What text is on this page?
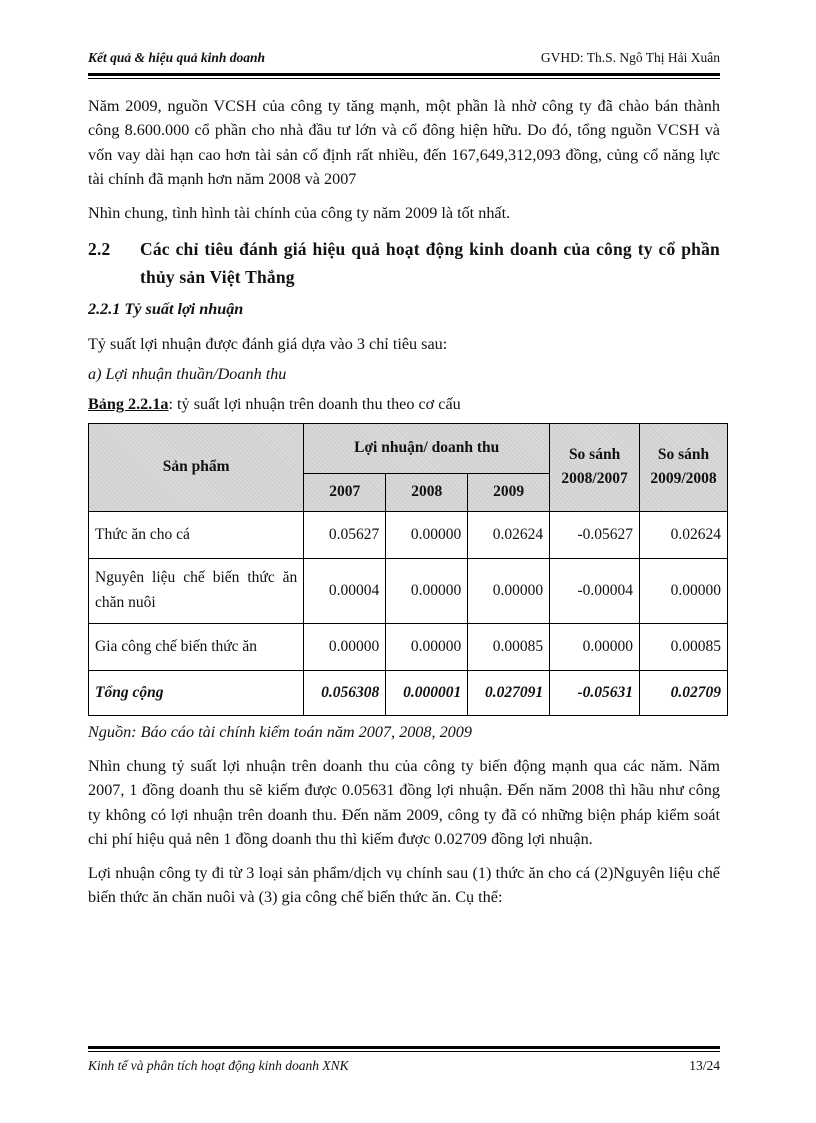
Kết quả & hiệu quả kinh doanh	GVHD: Th.S. Ngô Thị Hải Xuân

Năm 2009, nguồn VCSH của công ty tăng mạnh, một phần là nhờ công ty đã chào bán thành công 8.600.000 cổ phần cho nhà đầu tư lớn và cổ đông hiện hữu. Do đó, tổng nguồn VCSH và vốn vay dài hạn cao hơn tài sản cố định rất nhiều, đến 167,649,312,093 đồng, củng cố năng lực tài chính đã mạnh hơn năm 2008 và 2007

Nhìn chung, tình hình tài chính của công ty năm 2009 là tốt nhất.

2.2	Các chỉ tiêu đánh giá hiệu quả hoạt động kinh doanh của công ty cổ phần thủy sản Việt Thắng
2.2.1 Tỷ suất lợi nhuận

Tỷ suất lợi nhuận được đánh giá dựa vào 3 chỉ tiêu sau:

a) Lợi nhuận thuần/Doanh thu

Bảng 2.2.1a: tỷ suất lợi nhuận trên doanh thu theo cơ cấu

Sản phẩm	Lợi nhuận/ doanh thu			So sánh 2008/2007	So sánh 2009/2008
	2007	2008	2009		
Thức ăn cho cá	0.05627	0.00000	0.02624	-0.05627	0.02624
Nguyên liệu chế biến thức ăn chăn nuôi	0.00004	0.00000	0.00000	-0.00004	0.00000
Gia công chế biến thức ăn	0.00000	0.00000	0.00085	0.00000	0.00085
Tổng cộng	0.056308	0.000001	0.027091	-0.05631	0.02709

Nguồn: Báo cáo tài chính kiểm toán năm 2007, 2008, 2009

Nhìn chung tỷ suất lợi nhuận trên doanh thu của công ty biến động mạnh qua các năm. Năm 2007, 1 đồng doanh thu sẽ kiếm được 0.05631 đồng lợi nhuận. Đến năm 2008 thì hầu như công ty không có lợi nhuận trên doanh thu. Đến năm 2009, công ty đã có những biện pháp kiểm soát chi phí hiệu quả nên 1 đồng doanh thu thì kiếm được 0.02709 đồng lợi nhuận.

Lợi nhuận công ty đi từ 3 loại sản phẩm/dịch vụ chính sau (1) thức ăn cho cá (2)Nguyên liệu chế biến thức ăn chăn nuôi và (3) gia công chế biến thức ăn. Cụ thể:

Kinh tế và phân tích hoạt động kinh doanh XNK	13/24
